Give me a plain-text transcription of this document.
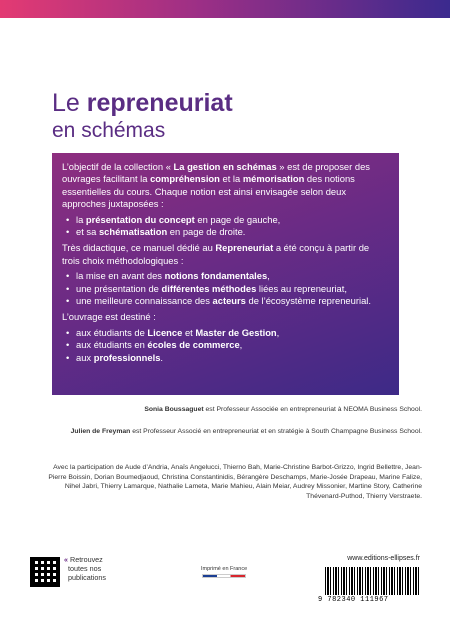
Le repreneuriat
en schémas

L’objectif de la collection « La gestion en schémas » est de proposer des ouvrages facilitant la compréhension et la mémorisation des notions essentielles du cours. Chaque notion est ainsi envisagée selon deux approches juxtaposées :

• la présentation du concept en page de gauche,
• et sa schématisation en page de droite.

Très didactique, ce manuel dédié au Repreneuriat a été conçu à partir de trois choix méthodologiques :

• la mise en avant des notions fondamentales,
• une présentation de différentes méthodes liées au repreneuriat,
• une meilleure connaissance des acteurs de l’écosystème repreneurial.

L’ouvrage est destiné :

• aux étudiants de Licence et Master de Gestion,
• aux étudiants en écoles de commerce,
• aux professionnels.
Sonia Boussaguet est Professeur Associée en entrepreneuriat à NEOMA Business School.
Julien de Freyman est Professeur Associé en entrepreneuriat et en stratégie à South Champagne Business School.
Avec la participation de Aude d’Andria, Anaïs Angelucci, Thierno Bah, Marie-Christine Barbot-Grizzo, Ingrid Bellettre, Jean-Pierre Boissin, Dorian Boumedjaoud, Christina Constantinidis, Bérangère Deschamps, Marie-Josée Drapeau, Marine Falize, Nihel Jabri, Thierry Lamarque, Nathalie Lameta, Marie Mahieu, Alain Meiar, Audrey Missonier, Martine Story, Catherine Thévenard-Puthod, Thierry Verstraete.
« Retrouvez
toutes nos
publications
Imprimé en France
www.editions-ellipses.fr
9 782340 111967
